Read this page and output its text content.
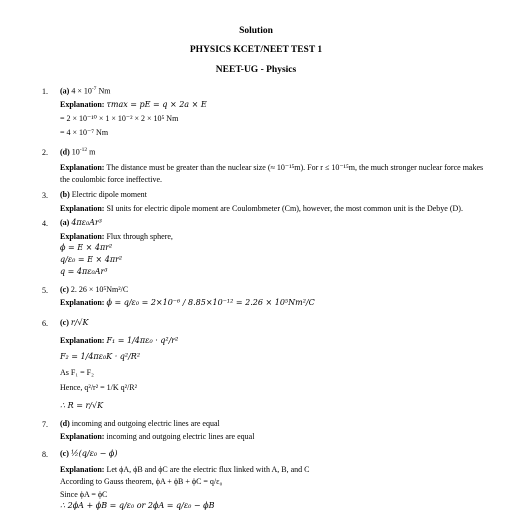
Solution
PHYSICS KCET/NEET TEST 1
NEET-UG - Physics
1. (a) $4 \times 10^{-7}$ Nm
Explanation: τmax = pE = q × 2a × E
= 2 × 10⁻¹⁰ × 1 × 10⁻² × 2 × 10⁵ Nm
= 4 × 10⁻⁷ Nm
2. (d) $10^{-12}$ m
Explanation: The distance must be greater than the nuclear size (≈ 10⁻¹⁵m). For r ≤ 10⁻¹⁵m, the much stronger nuclear force makes the coulombic force ineffective.
3. (b) Electric dipole moment
Explanation: SI units for electric dipole moment are Coulombmeter (Cm), however, the most common unit is the Debye (D).
4. (a) 4πε₀Ar³
Explanation: Flux through sphere,
ϕ = E × 4πr²
q/ε₀ = E × 4πr²
q = 4πε₀Ar³
5. (c) 2. 26 × 10⁵Nm²/C
Explanation: ϕ = q/ε₀ = 2×10⁻⁶ / 8.85×10⁻¹² = 2.26 × 10⁵Nm²/C
6. (c) r/√K
Explanation: F₁ = 1/4πε₀ · q²/r²
F₂ = 1/4πε₀K · q²/R²
As F₁ = F₂
Hence, q²/r² = 1/K q²/R²
∴ R = r/√K
7. (d) incoming and outgoing electric lines are equal
Explanation: incoming and outgoing electric lines are equal
8. (c) ½(q/ε₀ − ϕ)
Explanation: Let ϕA, ϕB and ϕC are the electric flux linked with A, B, and C
According to Gauss theorem, ϕA + ϕB + ϕC = q/ε₀
Since ϕA = ϕC
∴ 2ϕA + ϕB = q/ε₀ or 2ϕA = q/ε₀ − ϕB
